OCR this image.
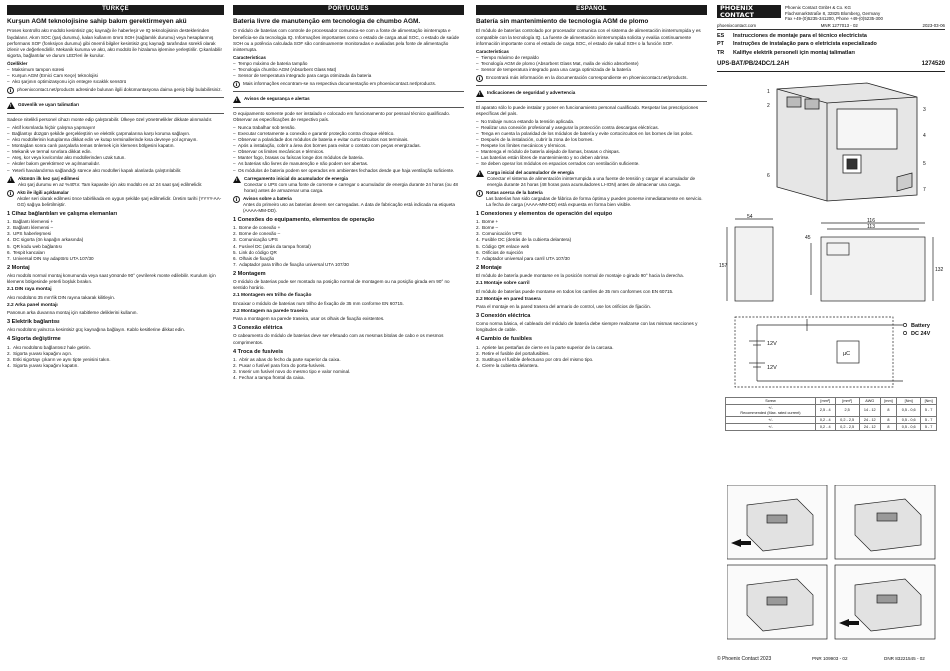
TÜRKÇE
Kurşun AGM teknolojisine sahip bakım gerektirmeyen akü

Proses kontrollü akü modülü kesintisiz güç kaynağı ile haberleşir ve IQ teknolojisinin desteklerinden faydalanır. Akım SOC (şarj durumu), kalan kullanım ömrü SOH (sağlamlık durumu) veya hesaplanmış performans SOF (fonksiyon durumu) gibi önemli bilgiler kesintisiz güç kaynağı tarafından sürekli olarak izlenir ve değerlendirilir. Mekanik kuruma ve akü, akü modülü ile hizalama işlemine yerleştirilir. Çıkarılabilir sigorta, bağlantılar ve durum LED'leri ile kurulur.

Özellikler
– Maksimum tampon süresi
– Kurşun AGM (Emici Cam Keçe) teknolojisi
– Akü şarjının optimizasyonu için entegre sıcaklık sensörü
i	phoenixcontact.net/products adresinde bulunan ilgili dokümantasyona daima geniş bilgi bulabilirsiniz.
!
Güvenlik ve uyarı talimatları

Sadece nitelikli personel cihazı monte edip çalıştırabilir. Ülkeye özel yönetmelikler dikkate alınmalıdır.

– Aktif kısımlarda hiçbir çalışma yapmayın!
– Bağlantıyı düzgün şekilde gerçekleştirin ve elektrik çarpmalarına karşı koruma sağlayın.
– Akü modüllerinin kutuplarına dikkat edin ve kutup terminallerinde kısa devreye yol açmayın.
– Montajdan sonra canlı parçalarla temas önlemek için klemens bölgesini kapatın.
– Mekanik ve termal sınırlara dikkat edin.
– Ateş, kor veya kıvılcımlar akü modüllerinden uzak tutun.
– Aküler bakım gerektirmez ve açılmamalıdır.
– Yeterli havalandırma sağlandığı sürece akü modülleri kapalı alanlarda çalıştırılabilir.
!
Akünün ilk kez şarj edilmesi
Akü şarj durumu en az %40'tır. Tam kapasite için akü modülü en az 24 saat şarj edilmelidir.
i	Akü ile ilgili açıklamalar
Aküler seri olarak edilmesi önce tabirlikada en uygun şekilde şarj edilmelidir. Üretim tarihi (YYYY-AA-GG) sağıya belirtilmiştir.
1 Cihaz bağlantıları ve çalışma elemanları
1. Bağlantı klemensi +
2. Bağlantı klemensi –
3. UPS haberleşmesi
4. DC sigorta (ön kapağın arkasında)
5. QR kodu web bağlantısı
6. Tespit kancaları
7. Universal DIN ray adaptörü UTA 107/30
2 Montaj

Akü modülü normal montaj konumunda veya saat yönünde 90° çevrilerek monte edilebilir. Kurulum için klemens bölgesinde yeterli boşluk bırakın.

2.1 DIN raya montaj

Akü modülünü 35 mm'lik DIN rayına takarak kilitleyin.

2.2 Arka panel montajı

Panonun arka duvarına montaj için sabitleme deliklerini kullanın.

3 Elektrik bağlantısı

Akü modülünü yalnızca kesintisiz güç kaynağına bağlayın. Kablo kesitlerine dikkat edin.

4 Sigorta değiştirme
1. Akü modülünü bağlantısız hale getirin.
2. Sigorta yuvası kapağını açın.
3. Eski sigortayı çıkarın ve aynı tipte yenisini takın.
4. Sigorta yuvası kapağını kapatın.
PORTUGUÊS
Bateria livre de manutenção em tecnologia de chumbo AGM.

O módulo de baterias com controle de processador comunica-se com a fonte de alimentação ininterrupta e beneficia-se da tecnologia IQ. Informações importantes como o estado de carga atual SOC, o estado de saúde SOH ou a potência calculada SOF são continuamente monitoradas e avaliadas pela fonte de alimentação ininterrupta.

Características
– Tempo máximo de bateria tampão
– Tecnologia chumbo AGM (Absorbent Glass Mat)
– Sensor de temperatura integrado para carga otimizada da bateria
i	Mais informações encontram-se na respectiva documentação em phoenixcontact.net/products.
!
Avisos de segurança e alertas

O equipamento somente pode ser instalado e colocado em funcionamento por pessoal técnico qualificado. Observar as especificações de respectivo país.

– Nunca trabalhar sob tensão.
– Executar corretamente a conexão e garantir proteção contra choque elétrico.
– Observar a polaridade dos módulos de bateria e evitar curto-circuitos nos terminais.
– Após a instalação, cobrir a área dos bornes para evitar o contato com peças energizadas.
– Observar os limites mecânicos e térmicos.
– Manter fogo, brasas ou faíscas longe dos módulos de bateria.
– As baterias são livres de manutenção e não podem ser abertas.
– Os módulos de bateria podem ser operados em ambientes fechados desde que haja ventilação suficiente.
!
Carregamento inicial do acumulador de energia
Conectar o UPS com uma fonte de corrente e carregar o acumulador de energia durante 24 horas (ou 48 horas) antes de armazenar uma carga.
i	Avisos sobre a bateria
Antes do primeiro uso as baterias devem ser carregadas. A data de fabricação está indicada na etiqueta (AAAA-MM-DD).
1 Conexões do equipamento, elementos de operação
1. Borne de conexão +
2. Borne de conexão –
3. Comunicação UPS
4. Fusível DC (atrás da tampa frontal)
5. Link do código QR
6. Olhais de fixação
7. Adaptador para trilho de fixação universal UTA 107/30
2 Montagem

O módulo de baterias pode ser montado na posição normal de montagem ou na posição girada em 90° no sentido horário.

2.1 Montagem em trilho de fixação

Encaixar o módulo de baterias num trilho de fixação de 35 mm conforme EN 60715.

2.2 Montagem na parede traseira

Para a montagem na parede traseira, usar os olhais de fixação existentes.

3 Conexão elétrica

O cabeamento do módulo de baterias deve ser efetuado com as mesmas bitolas de cabo e os mesmos comprimentos.

4 Troca de fusíveis
1. Abrir as abas do fecho da parte superior da caixa.
2. Puxar o fusível para fora do porta-fusíveis.
3. Inserir um fusível novo do mesmo tipo e valor nominal.
4. Fechar a tampa frontal da caixa.
ESPAÑOL
Batería sin mantenimiento de tecnología AGM de plomo

El módulo de baterías controlado por procesador comunica con el sistema de alimentación ininterrumpida y es compatible con la tecnología IQ. La fuente de alimentación ininterrumpida solicita y evalúa continuamente información importante como el estado de carga SOC, el estado de salud SOH o la función SOF.

Características
– Tiempo máximo de respaldo
– Tecnología AGM de plomo (Absorbent Glass Mat, malla de vidrio absorbente)
– Sensor de temperatura integrado para una carga optimizada de la batería
i	Encontrará más información en la documentación correspondiente en phoenixcontact.net/products.
!
Indicaciones de seguridad y advertencia

El aparato sólo lo puede instalar y poner en funcionamiento personal cualificado. Respetar las prescripciones específicas del país.

– No trabaje nunca estando la tensión aplicada.
– Realizar una conexión profesional y asegurar la protección contra descargas eléctricas.
– Tenga en cuenta la polaridad de los módulos de batería y evite cortocircuitos en los bornes de los polos.
– Después de la instalación, cubrir la zona de los bornes.
– Respete los límites mecánicos y térmicos.
– Mantenga el módulo de batería alejado de llamas, brasas o chispas.
– Las baterías están libres de mantenimiento y no deben abrirse.
– Se deben operar los módulos en espacios cerrados con ventilación suficiente.
!
Carga inicial del acumulador de energía
Conectar el sistema de alimentación ininterrumpida a una fuente de tensión y cargar el acumulador de energía durante 24 horas (48 horas para acumuladores LI-ION) antes de almacenar una carga.
i	Notas acerca de la batería
Las baterías han sido cargadas de fábrica de forma óptima y pueden ponerse inmediatamente en servicio. La fecha de carga (AAAA-MM-DD) está expuesta en forma bien visible.
1 Conexiones y elementos de operación del equipo
1. Borne +
2. Borne –
3. Comunicación UPS
4. Fusible DC (detrás de la cubierta delantera)
5. Código QR enlace web
6. Orificios de sujeción
7. Adaptador universal para carril UTA 107/30
2 Montaje

El módulo de batería puede montarse en la posición normal de montaje o girado 90° hacia la derecha.

2.1 Montaje sobre carril

El módulo de baterías puede montarse en todos los carriles de 35 mm conformes con EN 60715.

2.2 Montaje en pared trasera

Para el montaje en la pared trasera del armario de control, use los orificios de fijación.

3 Conexión eléctrica

Como norma básica, el cableado del módulo de batería debe siempre realizarse con las mismas secciones y longitudes de cable.

4 Cambio de fusibles
1. Apriete las pestañas de cierre en la parte superior de la carcasa.
2. Retire el fusible del portafusibles.
3. Sustituya el fusible defectuoso por otro del mismo tipo.
4. Cierre la cubierta delantera.
PHOENIX
CONTACT
Phoenix Contact GmbH & Co. KG
Flachsmarktstraße 8, 32825 Blomberg, Germany
Fax +49-(0)5235-341200, Phone +49-(0)5235-300
phoenixcontact.com	MNR 1277013 - 02	2023-03-06
ES	Instrucciones de montaje para el técnico electricista
PT	Instruções de instalação para o eletricista especializado
TR	Kalifiye elektrik personeli için montaj talimatları
UPS-BAT/PB/24DC/1.2AH	1274520
1
2
3
4
5
6
7
54
116
113
157
132
45
12V
12V
µC
Battery
DC 24V
Screw	[mm²]	[mm²]	AWG	[mm]	[Nm]	[Nm]
+/-
Recommended (Max. rated current)	2,5 - 4	2,5	14 - 12	8	0,5 - 0,6	5 - 7
+/-	0,2 - 4	0,2 - 2,5	24 - 12	8	0,5 - 0,6	5 - 7
+/-	0,2 - 4	0,2 - 2,5	24 - 12	8	0,5 - 0,6	5 - 7
© Phoenix Contact 2023	PNR 109903 - 02	DNR 83221545 - 02
